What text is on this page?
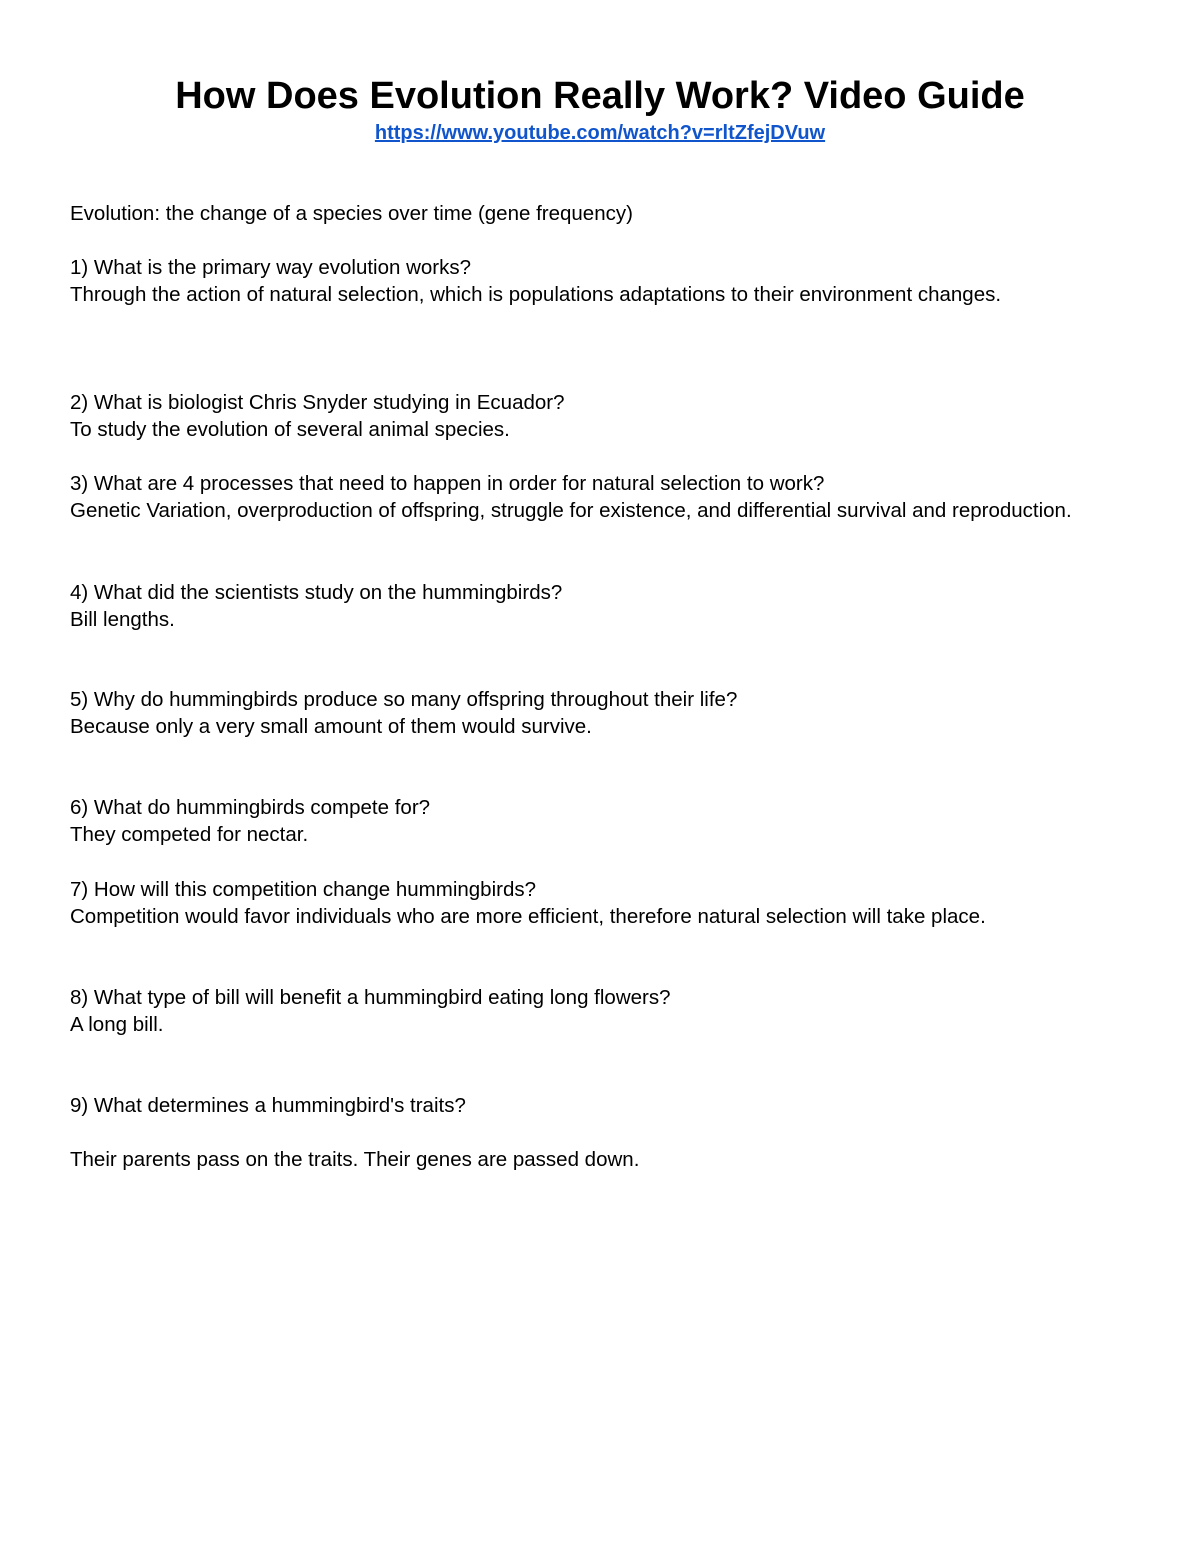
How Does Evolution Really Work? Video Guide
https://www.youtube.com/watch?v=rltZfejDVuw

Evolution: the change of a species over time (gene frequency)

1) What is the primary way evolution works?

Through the action of natural selection, which is populations adaptations to their environment changes.

2) What is biologist Chris Snyder studying in Ecuador?

To study the evolution of several animal species.

3) What are 4 processes that need to happen in order for natural selection to work?

Genetic Variation, overproduction of offspring, struggle for existence, and differential survival and reproduction.

4) What did the scientists study on the hummingbirds?

Bill lengths.

5) Why do hummingbirds produce so many offspring throughout their life?

Because only a very small amount of them would survive.

6) What do hummingbirds compete for?

They competed for nectar.

7) How will this competition change hummingbirds?

Competition would favor individuals who are more efficient, therefore natural selection will take place.

8) What type of bill will benefit a hummingbird eating long flowers?

A long bill.

9) What determines a hummingbird's traits?

Their parents pass on the traits. Their genes are passed down.
